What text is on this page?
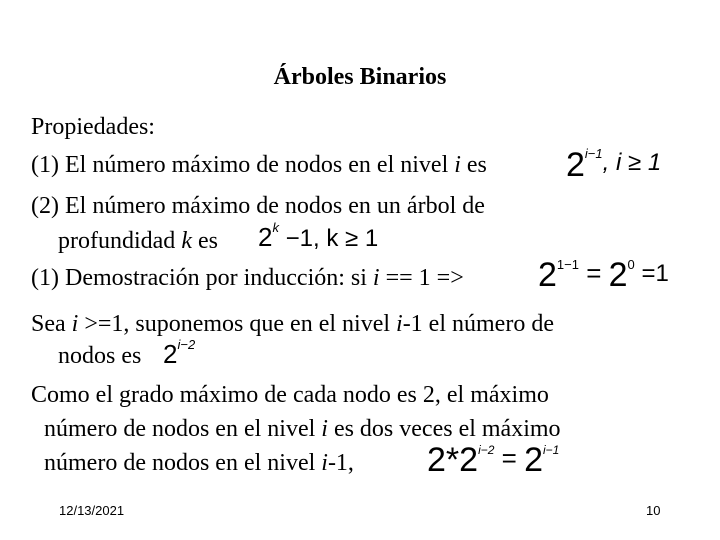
Árboles Binarios
Propiedades:
(1) El número máximo de nodos en el nivel i es $2^{i-1}$, i ≥ 1
(2) El número máximo de nodos en un árbol de
profundidad k es $2^k -1$, k ≥ 1
(1) Demostración por inducción: si $i == 1 => 2^{1-1} = 2^0 =1$
Sea i >=1, suponemos que en el nivel i-1 el número de
nodos es $2^{i-2}$
Como el grado máximo de cada nodo es 2, el máximo
número de nodos en el nivel i es dos veces el máximo
número de nodos en el nivel i-1, $2*2^{i-2} = 2^{i-1}$
12/13/2021	10
